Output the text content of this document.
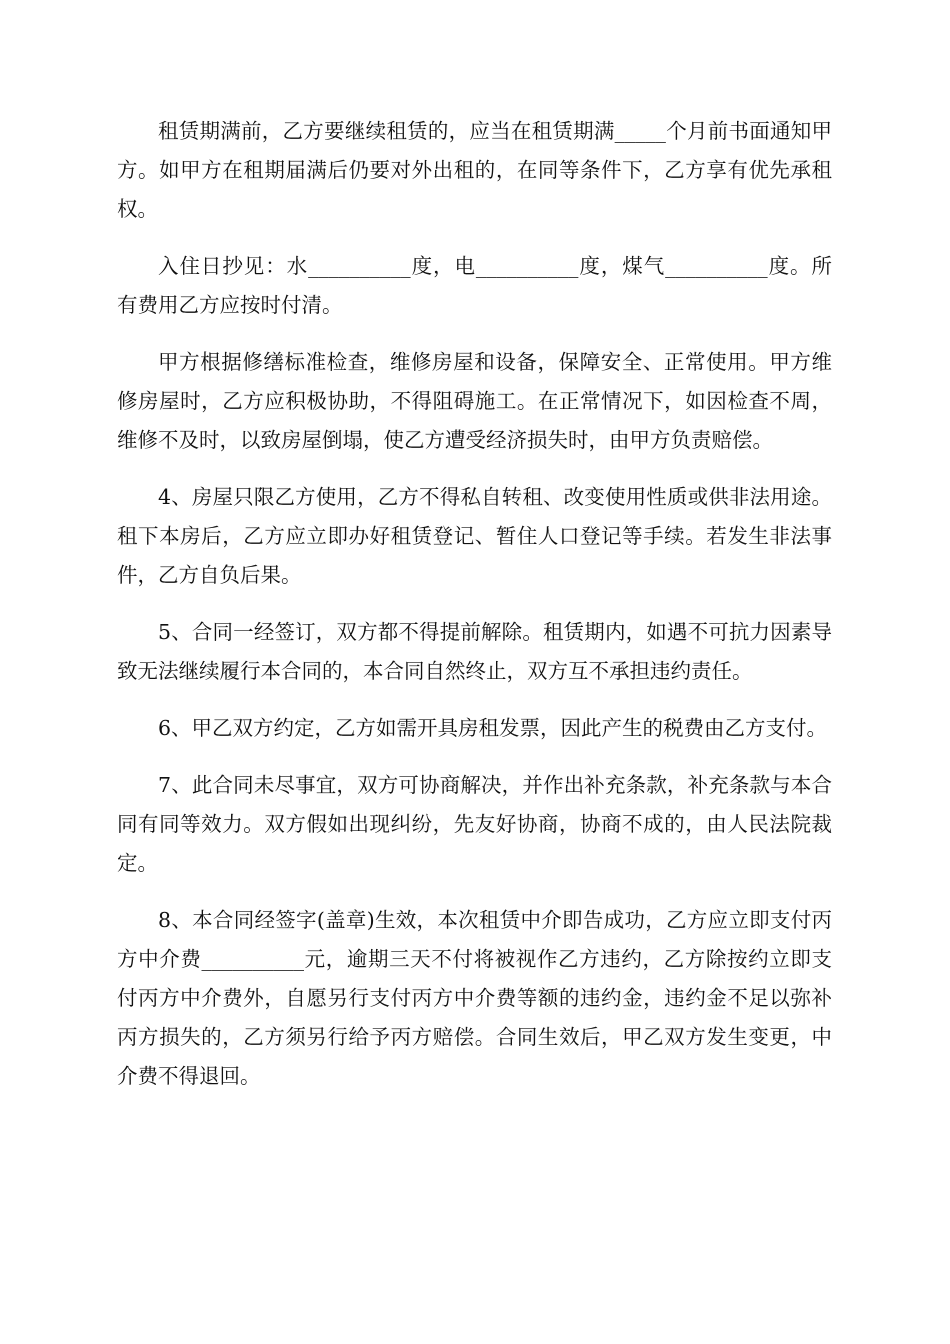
租赁期满前，乙方要继续租赁的，应当在租赁期满_____个月前书面通知甲方。如甲方在租期届满后仍要对外出租的，在同等条件下，乙方享有优先承租权。

入住日抄见：水__________度，电__________度，煤气__________度。所有费用乙方应按时付清。

甲方根据修缮标准检查，维修房屋和设备，保障安全、正常使用。甲方维修房屋时，乙方应积极协助，不得阻碍施工。在正常情况下，如因检查不周，维修不及时，以致房屋倒塌，使乙方遭受经济损失时，由甲方负责赔偿。

4、房屋只限乙方使用，乙方不得私自转租、改变使用性质或供非法用途。租下本房后，乙方应立即办好租赁登记、暂住人口登记等手续。若发生非法事件，乙方自负后果。

5、合同一经签订，双方都不得提前解除。租赁期内，如遇不可抗力因素导致无法继续履行本合同的，本合同自然终止，双方互不承担违约责任。

6、甲乙双方约定，乙方如需开具房租发票，因此产生的税费由乙方支付。

7、此合同未尽事宜，双方可协商解决，并作出补充条款，补充条款与本合同有同等效力。双方假如出现纠纷，先友好协商，协商不成的，由人民法院裁定。

8、本合同经签字(盖章)生效，本次租赁中介即告成功，乙方应立即支付丙方中介费__________元，逾期三天不付将被视作乙方违约，乙方除按约立即支付丙方中介费外，自愿另行支付丙方中介费等额的违约金，违约金不足以弥补丙方损失的，乙方须另行给予丙方赔偿。合同生效后，甲乙双方发生变更，中介费不得退回。
